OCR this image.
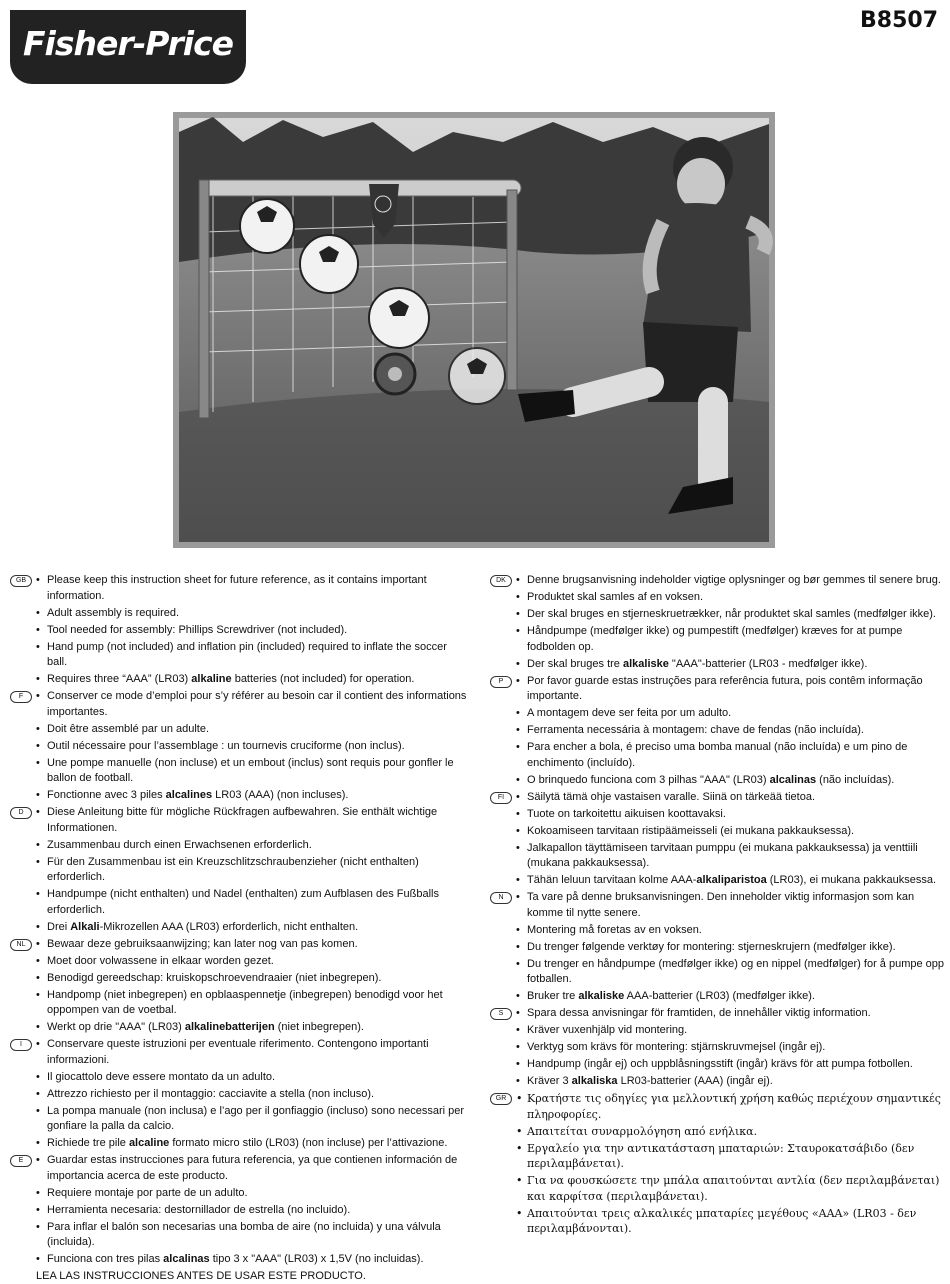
Fisher-Price
B8507
GB	• Please keep this instruction sheet for future reference, as it contains important information.
• Adult assembly is required.
• Tool needed for assembly: Phillips Screwdriver (not included).
• Hand pump (not included) and inflation pin (included) required to inflate the soccer ball.
• Requires three “AAA” (LR03) alkaline batteries (not included) for operation.
F	• Conserver ce mode d’emploi pour s’y référer au besoin car il contient des informations importantes.
• Doit être assemblé par un adulte.
• Outil nécessaire pour l’assemblage : un tournevis cruciforme (non inclus).
• Une pompe manuelle (non incluse) et un embout (inclus) sont requis pour gonfler le ballon de football.
• Fonctionne avec 3 piles alcalines LR03 (AAA) (non incluses).
D	• Diese Anleitung bitte für mögliche Rückfragen aufbewahren. Sie enthält wichtige Informationen.
• Zusammenbau durch einen Erwachsenen erforderlich.
• Für den Zusammenbau ist ein Kreuzschlitzschraubenzieher (nicht enthalten) erforderlich.
• Handpumpe (nicht enthalten) und Nadel (enthalten) zum Aufblasen des Fußballs erforderlich.
• Drei Alkali-Mikrozellen AAA (LR03) erforderlich, nicht enthalten.
NL	• Bewaar deze gebruiksaanwijzing; kan later nog van pas komen.
• Moet door volwassene in elkaar worden gezet.
• Benodigd gereedschap: kruiskopschroevendraaier (niet inbegrepen).
• Handpomp (niet inbegrepen) en opblaaspennetje (inbegrepen) benodigd voor het oppompen van de voetbal.
• Werkt op drie "AAA" (LR03) alkalinebatterijen (niet inbegrepen).
I	• Conservare queste istruzioni per eventuale riferimento. Contengono importanti informazioni.
• Il giocattolo deve essere montato da un adulto.
• Attrezzo richiesto per il montaggio: cacciavite a stella (non incluso).
• La pompa manuale (non inclusa) e l’ago per il gonfiaggio (incluso) sono necessari per gonfiare la palla da calcio.
• Richiede tre pile alcaline formato micro stilo (LR03) (non incluse) per l’attivazione.
E	• Guardar estas instrucciones para futura referencia, ya que contienen información de importancia acerca de este producto.
• Requiere montaje por parte de un adulto.
• Herramienta necesaria: destornillador de estrella (no incluido).
• Para inflar el balón son necesarias una bomba de aire (no incluida) y una válvula (incluida).
• Funciona con tres pilas alcalinas tipo 3 x "AAA" (LR03) x 1,5V (no incluidas).
LEA LAS INSTRUCCIONES ANTES DE USAR ESTE PRODUCTO.
DK	• Denne brugsanvisning indeholder vigtige oplysninger og bør gemmes til senere brug.
• Produktet skal samles af en voksen.
• Der skal bruges en stjerneskruetrækker, når produktet skal samles (medfølger ikke).
• Håndpumpe (medfølger ikke) og pumpestift (medfølger) kræves for at pumpe fodbolden op.
• Der skal bruges tre alkaliske "AAA"-batterier (LR03 - medfølger ikke).
P	• Por favor guarde estas instruções para referência futura, pois contêm informação importante.
• A montagem deve ser feita por um adulto.
• Ferramenta necessária à montagem: chave de fendas (não incluída).
• Para encher a bola, é preciso uma bomba manual (não incluída) e um pino de enchimento (incluído).
• O brinquedo funciona com 3 pilhas "AAA" (LR03) alcalinas (não incluídas).
FI	• Säilytä tämä ohje vastaisen varalle. Siinä on tärkeää tietoa.
• Tuote on tarkoitettu aikuisen koottavaksi.
• Kokoamiseen tarvitaan ristipäämeisseli (ei mukana pakkauksessa).
• Jalkapallon täyttämiseen tarvitaan pumppu (ei mukana pakkauksessa) ja venttiili (mukana pakkauksessa).
• Tähän leluun tarvitaan kolme AAA-alkaliparistoa (LR03), ei mukana pakkauksessa.
N	• Ta vare på denne bruksanvisningen. Den inneholder viktig informasjon som kan komme til nytte senere.
• Montering må foretas av en voksen.
• Du trenger følgende verktøy for montering: stjerneskrujern (medfølger ikke).
• Du trenger en håndpumpe (medfølger ikke) og en nippel (medfølger) for å pumpe opp fotballen.
• Bruker tre alkaliske AAA-batterier (LR03) (medfølger ikke).
S	• Spara dessa anvisningar för framtiden, de innehåller viktig information.
• Kräver vuxenhjälp vid montering.
• Verktyg som krävs för montering: stjärnskruvmejsel (ingår ej).
• Handpump (ingår ej) och uppblåsningsstift (ingår) krävs för att pumpa fotbollen.
• Kräver 3 alkaliska LR03-batterier (AAA) (ingår ej).
GR	• Κρατήστε τις οδηγίες για μελλοντική χρήση καθώς περιέχουν σημαντικές πληροφορίες.
• Απαιτείται συναρμολόγηση από ενήλικα.
• Εργαλείο για την αντικατάσταση μπαταριών: Σταυροκατσάβιδο (δεν περιλαμβάνεται).
• Για να φουσκώσετε την μπάλα απαιτούνται αντλία (δεν περιλαμβάνεται) και καρφίτσα (περιλαμβάνεται).
• Απαιτούνται τρεις αλκαλικές μπαταρίες μεγέθους «AAA» (LR03 - δεν περιλαμβάνονται).
